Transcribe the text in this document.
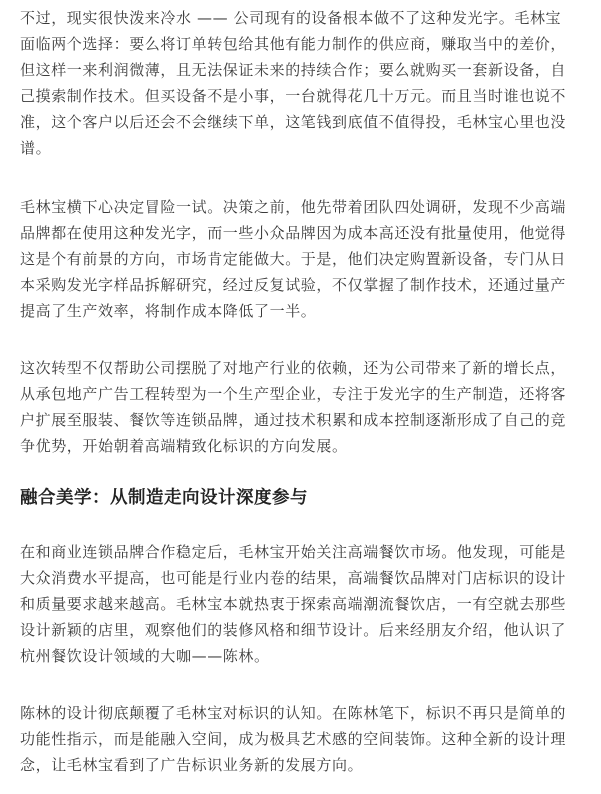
不过，现实很快泼来冷水 —— 公司现有的设备根本做不了这种发光字。毛林宝
面临两个选择：要么将订单转包给其他有能力制作的供应商，赚取当中的差价，
但这样一来利润微薄，且无法保证未来的持续合作；要么就购买一套新设备，自
己摸索制作技术。但买设备不是小事，一台就得花几十万元。而且当时谁也说不
准，这个客户以后还会不会继续下单，这笔钱到底值不值得投，毛林宝心里也没
谱。

毛林宝横下心决定冒险一试。决策之前，他先带着团队四处调研，发现不少高端
品牌都在使用这种发光字，而一些小众品牌因为成本高还没有批量使用，他觉得
这是个有前景的方向，市场肯定能做大。于是，他们决定购置新设备，专门从日
本采购发光字样品拆解研究，经过反复试验，不仅掌握了制作技术，还通过量产
提高了生产效率，将制作成本降低了一半。

这次转型不仅帮助公司摆脱了对地产行业的依赖，还为公司带来了新的增长点，
从承包地产广告工程转型为一个生产型企业，专注于发光字的生产制造，还将客
户扩展至服装、餐饮等连锁品牌，通过技术积累和成本控制逐渐形成了自己的竞
争优势，开始朝着高端精致化标识的方向发展。

融合美学：从制造走向设计深度参与

在和商业连锁品牌合作稳定后，毛林宝开始关注高端餐饮市场。他发现，可能是
大众消费水平提高，也可能是行业内卷的结果，高端餐饮品牌对门店标识的设计
和质量要求越来越高。毛林宝本就热衷于探索高端潮流餐饮店，一有空就去那些
设计新颖的店里，观察他们的装修风格和细节设计。后来经朋友介绍，他认识了
杭州餐饮设计领域的大咖——陈林。

陈林的设计彻底颠覆了毛林宝对标识的认知。在陈林笔下，标识不再只是简单的
功能性指示，而是能融入空间，成为极具艺术感的空间装饰。这种全新的设计理
念，让毛林宝看到了广告标识业务新的发展方向。
